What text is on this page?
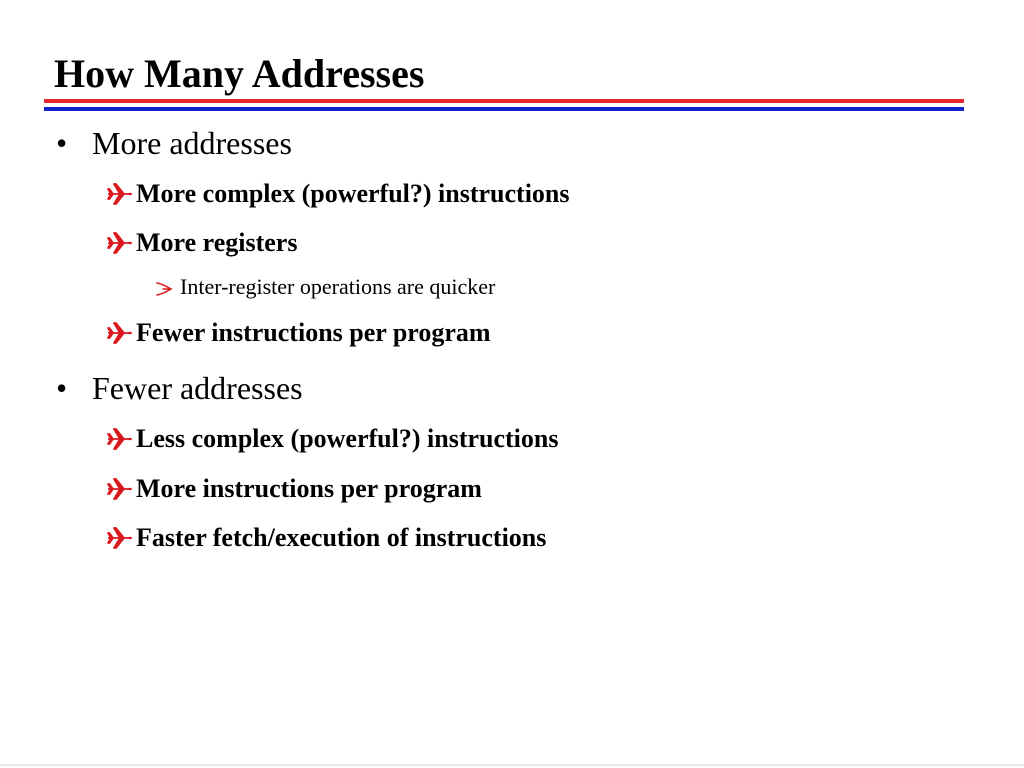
How Many Addresses
• More addresses
More complex (powerful?) instructions
More registers
Inter-register operations are quicker
Fewer instructions per program
• Fewer addresses
Less complex (powerful?) instructions
More instructions per program
Faster fetch/execution of instructions
